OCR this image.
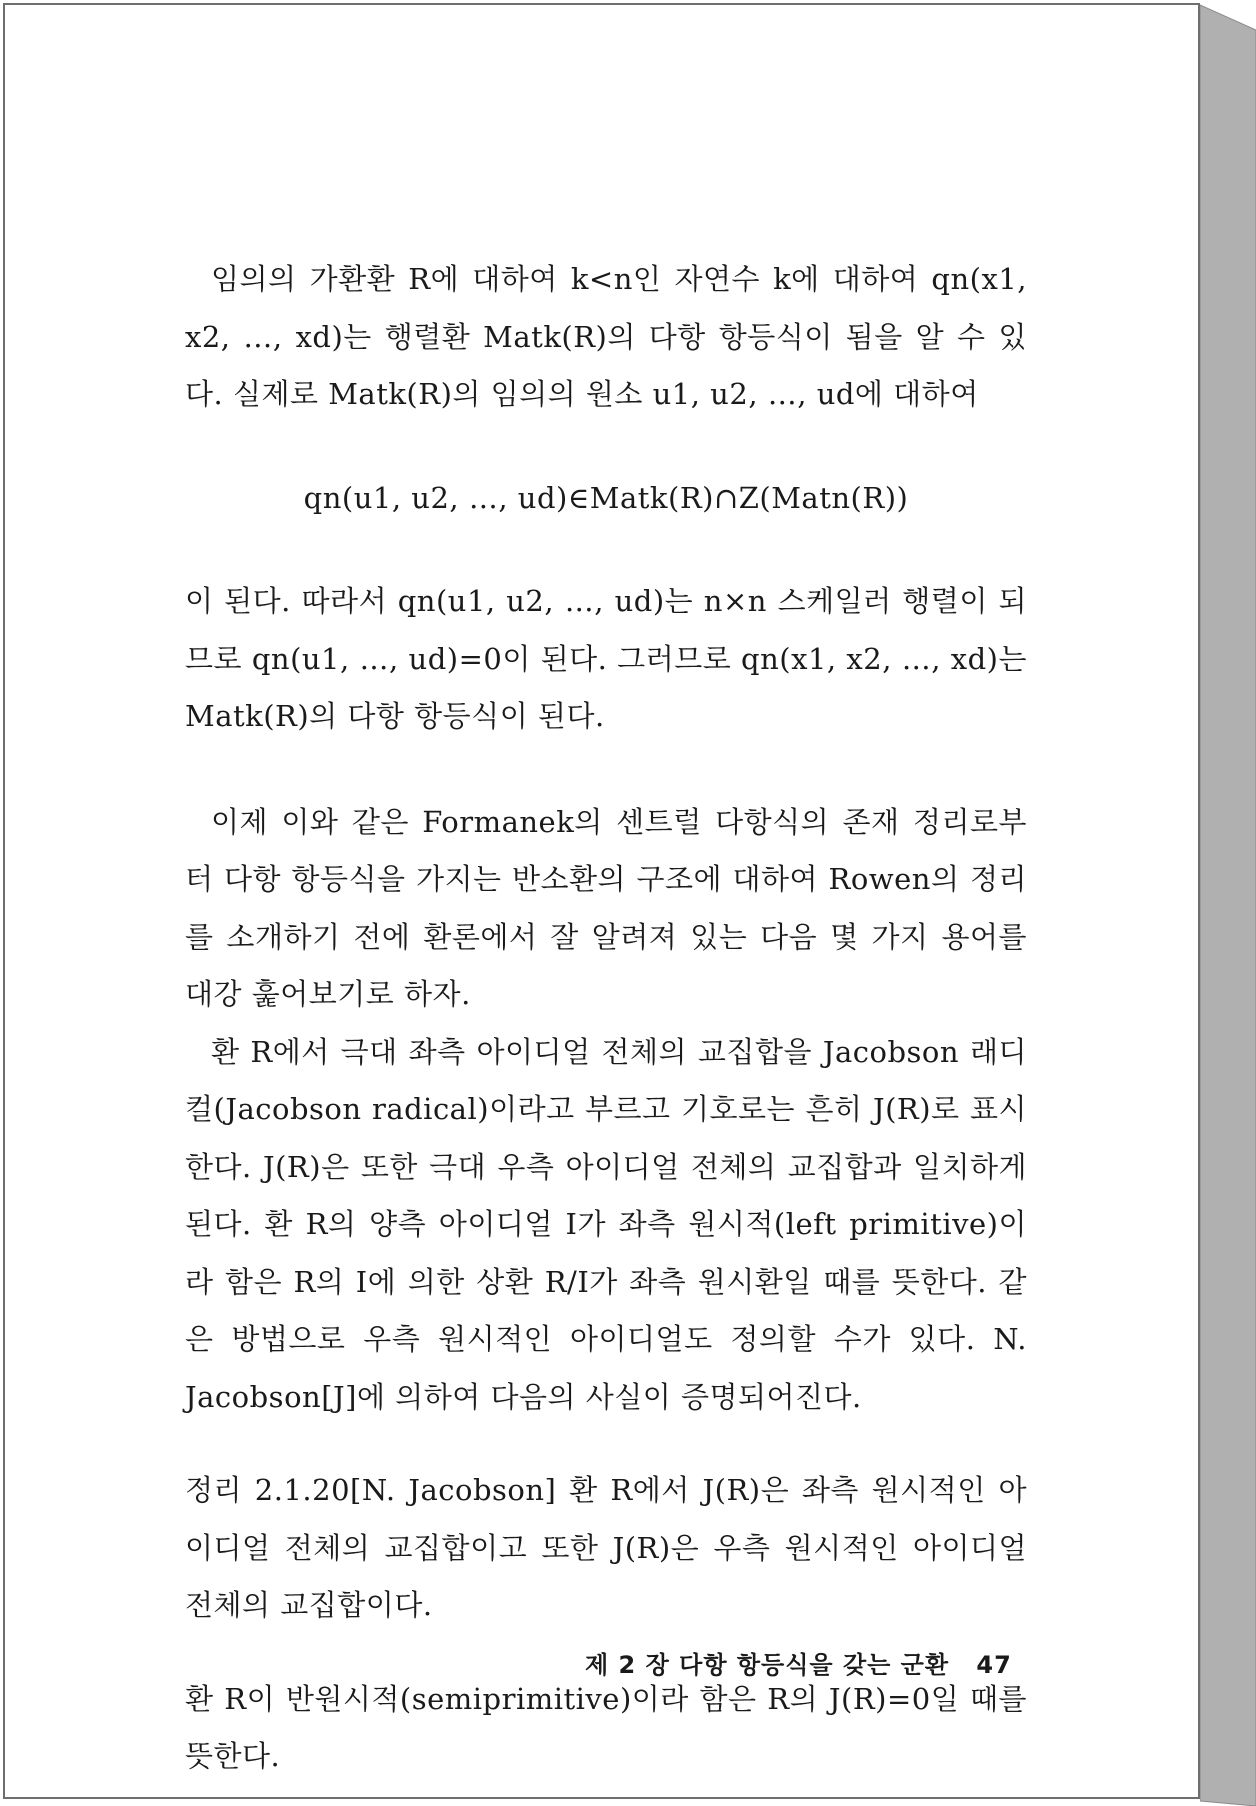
임의의 가환환 R에 대하여 k<n인 자연수 k에 대하여 qn(x1, x2, …, xd)는 행렬환 Matk(R)의 다항 항등식이 됨을 알 수 있다. 실제로 Matk(R)의 임의의 원소 u1, u2, …, ud에 대하여

qn(u1, u2, …, ud)∈Matk(R)∩Z(Matn(R))

이 된다. 따라서 qn(u1, u2, …, ud)는 n×n 스케일러 행렬이 되므로 qn(u1, …, ud)=0이 된다. 그러므로 qn(x1, x2, …, xd)는 Matk(R)의 다항 항등식이 된다.

이제 이와 같은 Formanek의 센트럴 다항식의 존재 정리로부터 다항 항등식을 가지는 반소환의 구조에 대하여 Rowen의 정리를 소개하기 전에 환론에서 잘 알려져 있는 다음 몇 가지 용어를 대강 훑어보기로 하자.

환 R에서 극대 좌측 아이디얼 전체의 교집합을 Jacobson 래디컬(Jacobson radical)이라고 부르고 기호로는 흔히 J(R)로 표시한다. J(R)은 또한 극대 우측 아이디얼 전체의 교집합과 일치하게 된다. 환 R의 양측 아이디얼 I가 좌측 원시적(left primitive)이라 함은 R의 I에 의한 상환 R/I가 좌측 원시환일 때를 뜻한다. 같은 방법으로 우측 원시적인 아이디얼도 정의할 수가 있다. N. Jacobson[J]에 의하여 다음의 사실이 증명되어진다.

정리 2.1.20[N. Jacobson] 환 R에서 J(R)은 좌측 원시적인 아이디얼 전체의 교집합이고 또한 J(R)은 우측 원시적인 아이디얼 전체의 교집합이다.

환 R이 반원시적(semiprimitive)이라 함은 R의 J(R)=0일 때를 뜻한다.

제 2 장 다항 항등식을 갖는 군환 47
